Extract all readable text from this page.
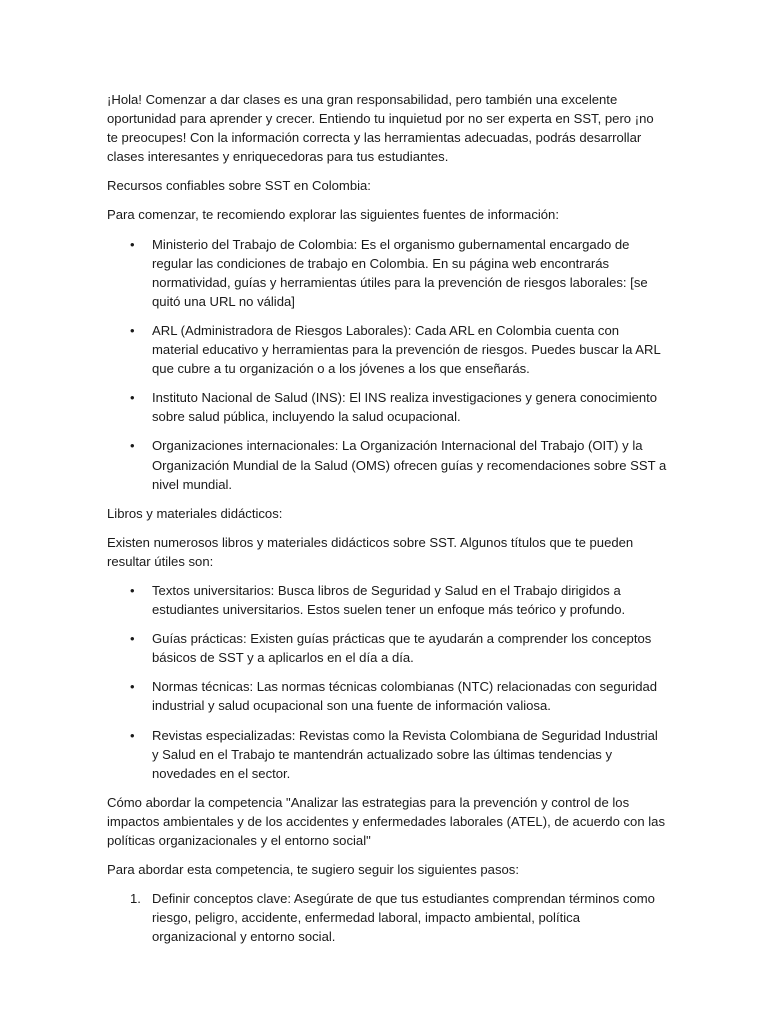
¡Hola! Comenzar a dar clases es una gran responsabilidad, pero también una excelente oportunidad para aprender y crecer. Entiendo tu inquietud por no ser experta en SST, pero ¡no te preocupes! Con la información correcta y las herramientas adecuadas, podrás desarrollar clases interesantes y enriquecedoras para tus estudiantes.

Recursos confiables sobre SST en Colombia:

Para comenzar, te recomiendo explorar las siguientes fuentes de información:

• Ministerio del Trabajo de Colombia: Es el organismo gubernamental encargado de regular las condiciones de trabajo en Colombia. En su página web encontrarás normatividad, guías y herramientas útiles para la prevención de riesgos laborales: [se quitó una URL no válida]
• ARL (Administradora de Riesgos Laborales): Cada ARL en Colombia cuenta con material educativo y herramientas para la prevención de riesgos. Puedes buscar la ARL que cubre a tu organización o a los jóvenes a los que enseñarás.
• Instituto Nacional de Salud (INS): El INS realiza investigaciones y genera conocimiento sobre salud pública, incluyendo la salud ocupacional.
• Organizaciones internacionales: La Organización Internacional del Trabajo (OIT) y la Organización Mundial de la Salud (OMS) ofrecen guías y recomendaciones sobre SST a nivel mundial.

Libros y materiales didácticos:

Existen numerosos libros y materiales didácticos sobre SST. Algunos títulos que te pueden resultar útiles son:

• Textos universitarios: Busca libros de Seguridad y Salud en el Trabajo dirigidos a estudiantes universitarios. Estos suelen tener un enfoque más teórico y profundo.
• Guías prácticas: Existen guías prácticas que te ayudarán a comprender los conceptos básicos de SST y a aplicarlos en el día a día.
• Normas técnicas: Las normas técnicas colombianas (NTC) relacionadas con seguridad industrial y salud ocupacional son una fuente de información valiosa.
• Revistas especializadas: Revistas como la Revista Colombiana de Seguridad Industrial y Salud en el Trabajo te mantendrán actualizado sobre las últimas tendencias y novedades en el sector.

Cómo abordar la competencia "Analizar las estrategias para la prevención y control de los impactos ambientales y de los accidentes y enfermedades laborales (ATEL), de acuerdo con las políticas organizacionales y el entorno social"

Para abordar esta competencia, te sugiero seguir los siguientes pasos:

Definir conceptos clave: Asegúrate de que tus estudiantes comprendan términos como riesgo, peligro, accidente, enfermedad laboral, impacto ambiental, política organizacional y entorno social.
